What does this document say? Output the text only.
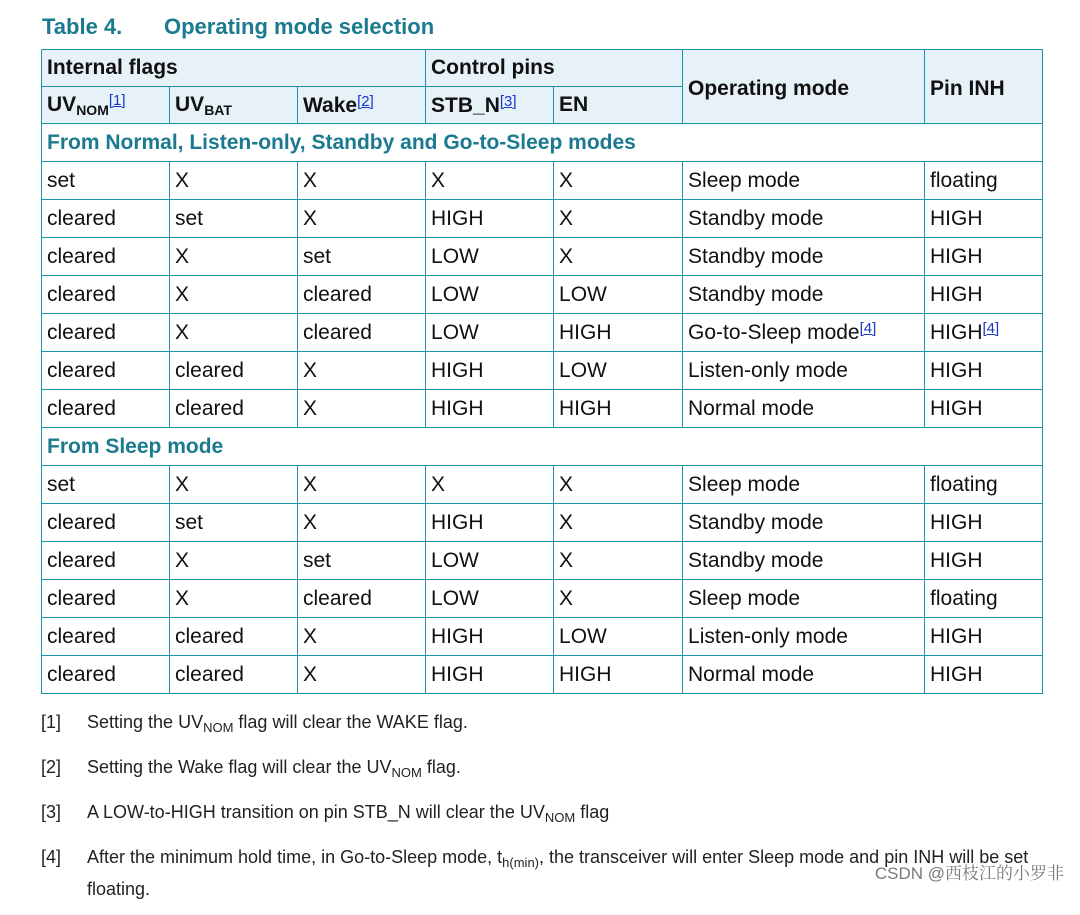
Table 4. Operating mode selection
Internal flags			Control pins		Operating mode	Pin INH
$UV_{NOM}[1]$	$UV_{BAT}$	Wake[2]	STB_N[3]	EN		
From Normal, Listen-only, Standby and Go-to-Sleep modes						
set	X	X	X	X	Sleep mode	floating
cleared	set	X	HIGH	X	Standby mode	HIGH
cleared	X	set	LOW	X	Standby mode	HIGH
cleared	X	cleared	LOW	LOW	Standby mode	HIGH
cleared	X	cleared	LOW	HIGH	Go-to-Sleep mode[4]	HIGH[4]
cleared	cleared	X	HIGH	LOW	Listen-only mode	HIGH
cleared	cleared	X	HIGH	HIGH	Normal mode	HIGH
From Sleep mode						
set	X	X	X	X	Sleep mode	floating
cleared	set	X	HIGH	X	Standby mode	HIGH
cleared	X	set	LOW	X	Standby mode	HIGH
cleared	X	cleared	LOW	X	Sleep mode	floating
cleared	cleared	X	HIGH	LOW	Listen-only mode	HIGH
cleared	cleared	X	HIGH	HIGH	Normal mode	HIGH
[1]	Setting the $UV_{NOM}$ flag will clear the WAKE flag.
[2]	Setting the Wake flag will clear the $UV_{NOM}$ flag.
[3]	A LOW-to-HIGH transition on pin STB_N will clear the $UV_{NOM}$ flag
[4]	After the minimum hold time, in Go-to-Sleep mode, $t_{h(min)}$, the transceiver will enter Sleep mode and pin INH will be set floating.
CSDN @西枝江的小罗非
